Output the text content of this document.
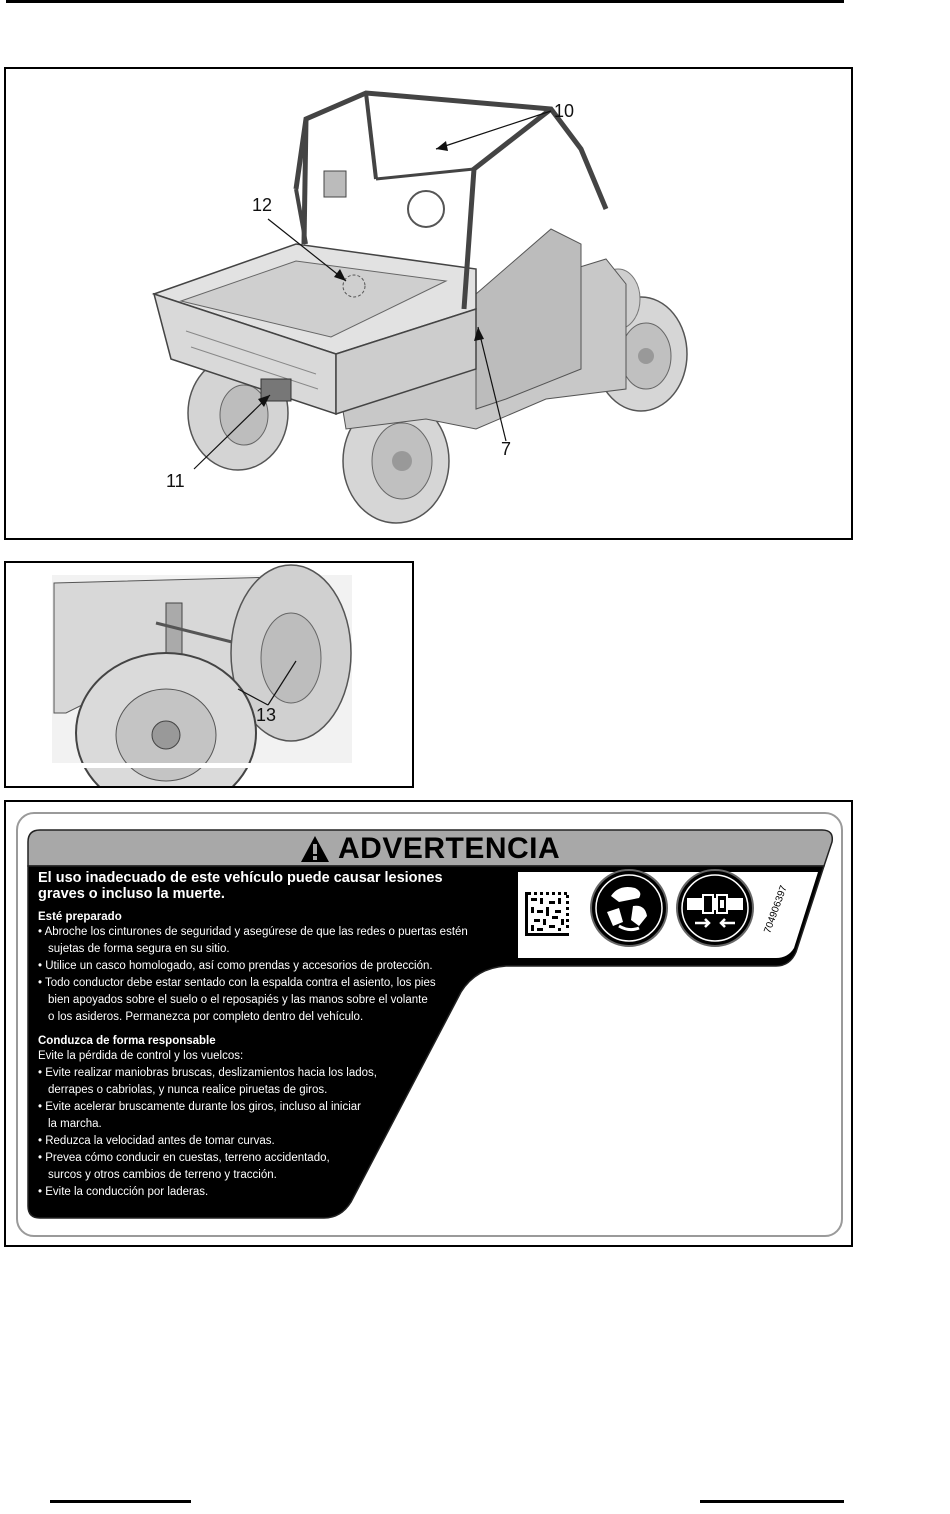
10
12
7
11
13
ADVERTENCIA
El uso inadecuado de este vehículo puede causar lesiones graves o incluso la muerte.
Esté preparado
• Abroche los cinturones de seguridad y asegúrese de que las redes o puertas estén
sujetas de forma segura en su sitio.
• Utilice un casco homologado, así como prendas y accesorios de protección.
• Todo conductor debe estar sentado con la espalda contra el asiento, los pies
bien apoyados sobre el suelo o el reposapiés y las manos sobre el volante
o los asideros. Permanezca por completo dentro del vehículo.
Conduzca de forma responsable
Evite la pérdida de control y los vuelcos:
• Evite realizar maniobras bruscas, deslizamientos hacia los lados,
derrapes o cabriolas, y nunca realice piruetas de giros.
• Evite acelerar bruscamente durante los giros, incluso al iniciar
la marcha.
• Reduzca la velocidad antes de tomar curvas.
• Prevea cómo conducir en cuestas, terreno accidentado,
surcos y otros cambios de terreno y tracción.
• Evite la conducción por laderas.
704906397
